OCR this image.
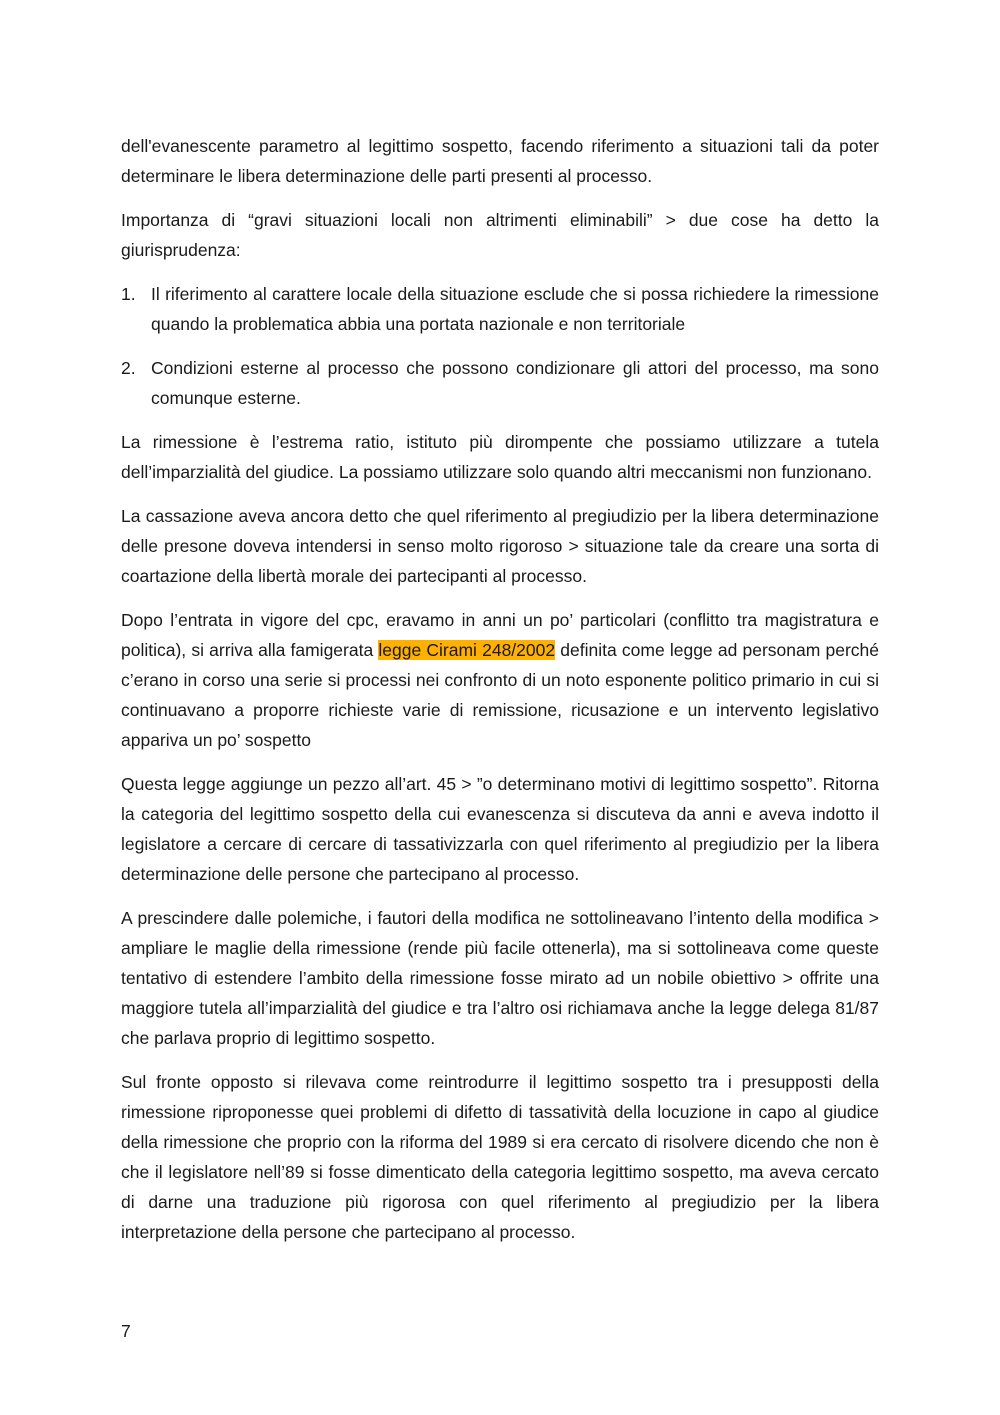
dell'evanescente parametro al legittimo sospetto, facendo riferimento a situazioni tali da poter determinare le libera determinazione delle parti presenti al processo.

Importanza di “gravi situazioni locali non altrimenti eliminabili” > due cose ha detto la giurisprudenza:

1. Il riferimento al carattere locale della situazione esclude che si possa richiedere la rimessione quando la problematica abbia una portata nazionale e non territoriale
2. Condizioni esterne al processo che possono condizionare gli attori del processo, ma sono comunque esterne.

La rimessione è l’estrema ratio, istituto più dirompente che possiamo utilizzare a tutela dell’imparzialità del giudice. La possiamo utilizzare solo quando altri meccanismi non funzionano.

La cassazione aveva ancora detto che quel riferimento al pregiudizio per la libera determinazione delle presone doveva intendersi in senso molto rigoroso > situazione tale da creare una sorta di coartazione della libertà morale dei partecipanti al processo.

Dopo l’entrata in vigore del cpc, eravamo in anni un po’ particolari (conflitto tra magistratura e politica), si arriva alla famigerata legge Cirami 248/2002 definita come legge ad personam perché c’erano in corso una serie si processi nei confronto di un noto esponente politico primario in cui si continuavano a proporre richieste varie di remissione, ricusazione e un intervento legislativo appariva un po’ sospetto

Questa legge aggiunge un pezzo all’art. 45 > ”o determinano motivi di legittimo sospetto”. Ritorna la categoria del legittimo sospetto della cui evanescenza si discuteva da anni e aveva indotto il legislatore a cercare di cercare di tassativizzarla con quel riferimento al pregiudizio per la libera determinazione delle persone che partecipano al processo.

A prescindere dalle polemiche, i fautori della modifica ne sottolineavano l’intento della modifica > ampliare le maglie della rimessione (rende più facile ottenerla), ma si sottolineava come queste tentativo di estendere l’ambito della rimessione fosse mirato ad un nobile obiettivo > offrite una maggiore tutela all’imparzialità del giudice e tra l’altro osi richiamava anche la legge delega 81/87 che parlava proprio di legittimo sospetto.

Sul fronte opposto si rilevava come reintrodurre il legittimo sospetto tra i presupposti della rimessione riproponesse quei problemi di difetto di tassatività della locuzione in capo al giudice della rimessione che proprio con la riforma del 1989 si era cercato di risolvere dicendo che non è che il legislatore nell’89 si fosse dimenticato della categoria legittimo sospetto, ma aveva cercato di darne una traduzione più rigorosa con quel riferimento al pregiudizio per la libera interpretazione della persone che partecipano al processo.

7
